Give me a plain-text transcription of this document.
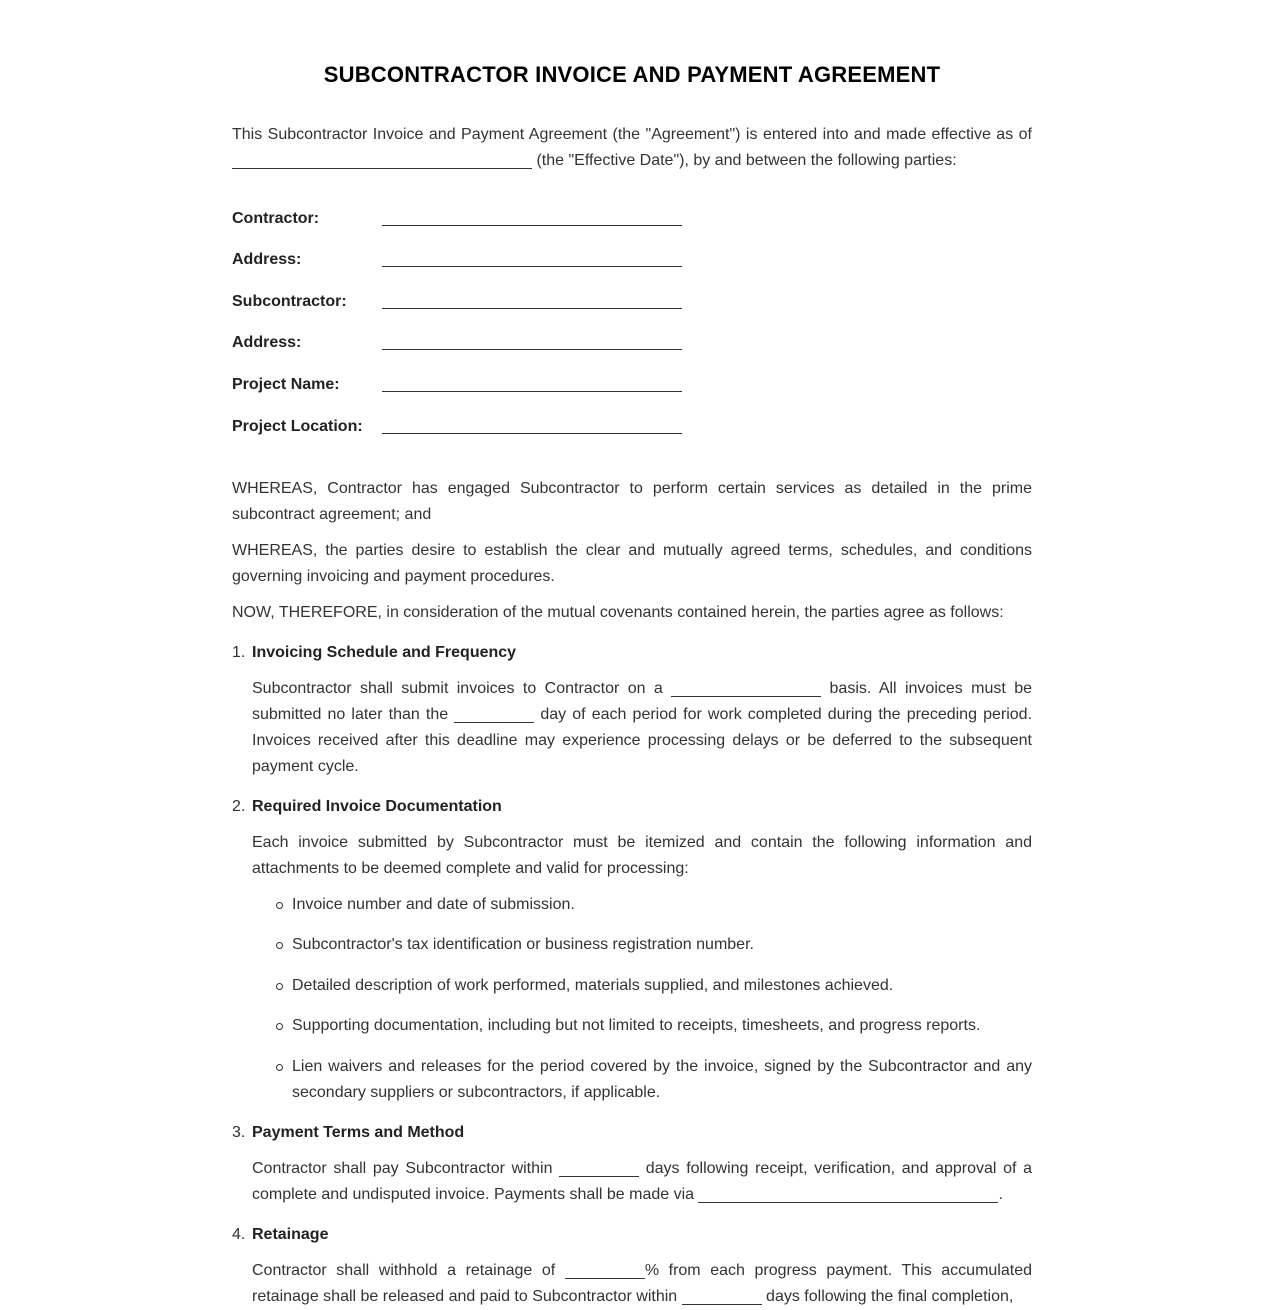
SUBCONTRACTOR INVOICE AND PAYMENT AGREEMENT

This Subcontractor Invoice and Payment Agreement (the "Agreement") is entered into and made effective as of  (the "Effective Date"), by and between the following parties:

Contractor:
Address:
Subcontractor:
Address:
Project Name:
Project Location:

WHEREAS, Contractor has engaged Subcontractor to perform certain services as detailed in the prime subcontract agreement; and

WHEREAS, the parties desire to establish the clear and mutually agreed terms, schedules, and conditions governing invoicing and payment procedures.

NOW, THEREFORE, in consideration of the mutual covenants contained herein, the parties agree as follows:

1. Invoicing Schedule and Frequency

Subcontractor shall submit invoices to Contractor on a	basis. All invoices must be submitted no later than the	day of each period for work completed during the preceding period. Invoices received after this deadline may experience processing delays or be deferred to the subsequent payment cycle.

2. Required Invoice Documentation

Each invoice submitted by Subcontractor must be itemized and contain the following information and attachments to be deemed complete and valid for processing:

Invoice number and date of submission.
Subcontractor's tax identification or business registration number.
Detailed description of work performed, materials supplied, and milestones achieved.
Supporting documentation, including but not limited to receipts, timesheets, and progress reports.
Lien waivers and releases for the period covered by the invoice, signed by the Subcontractor and any secondary suppliers or subcontractors, if applicable.
3. Payment Terms and Method

Contractor shall pay Subcontractor within	days following receipt, verification, and approval of a complete and undisputed invoice. Payments shall be made via	.

4. Retainage

Contractor shall withhold a retainage of	% from each progress payment. This accumulated retainage shall be released and paid to Subcontractor within	days following the final completion,
